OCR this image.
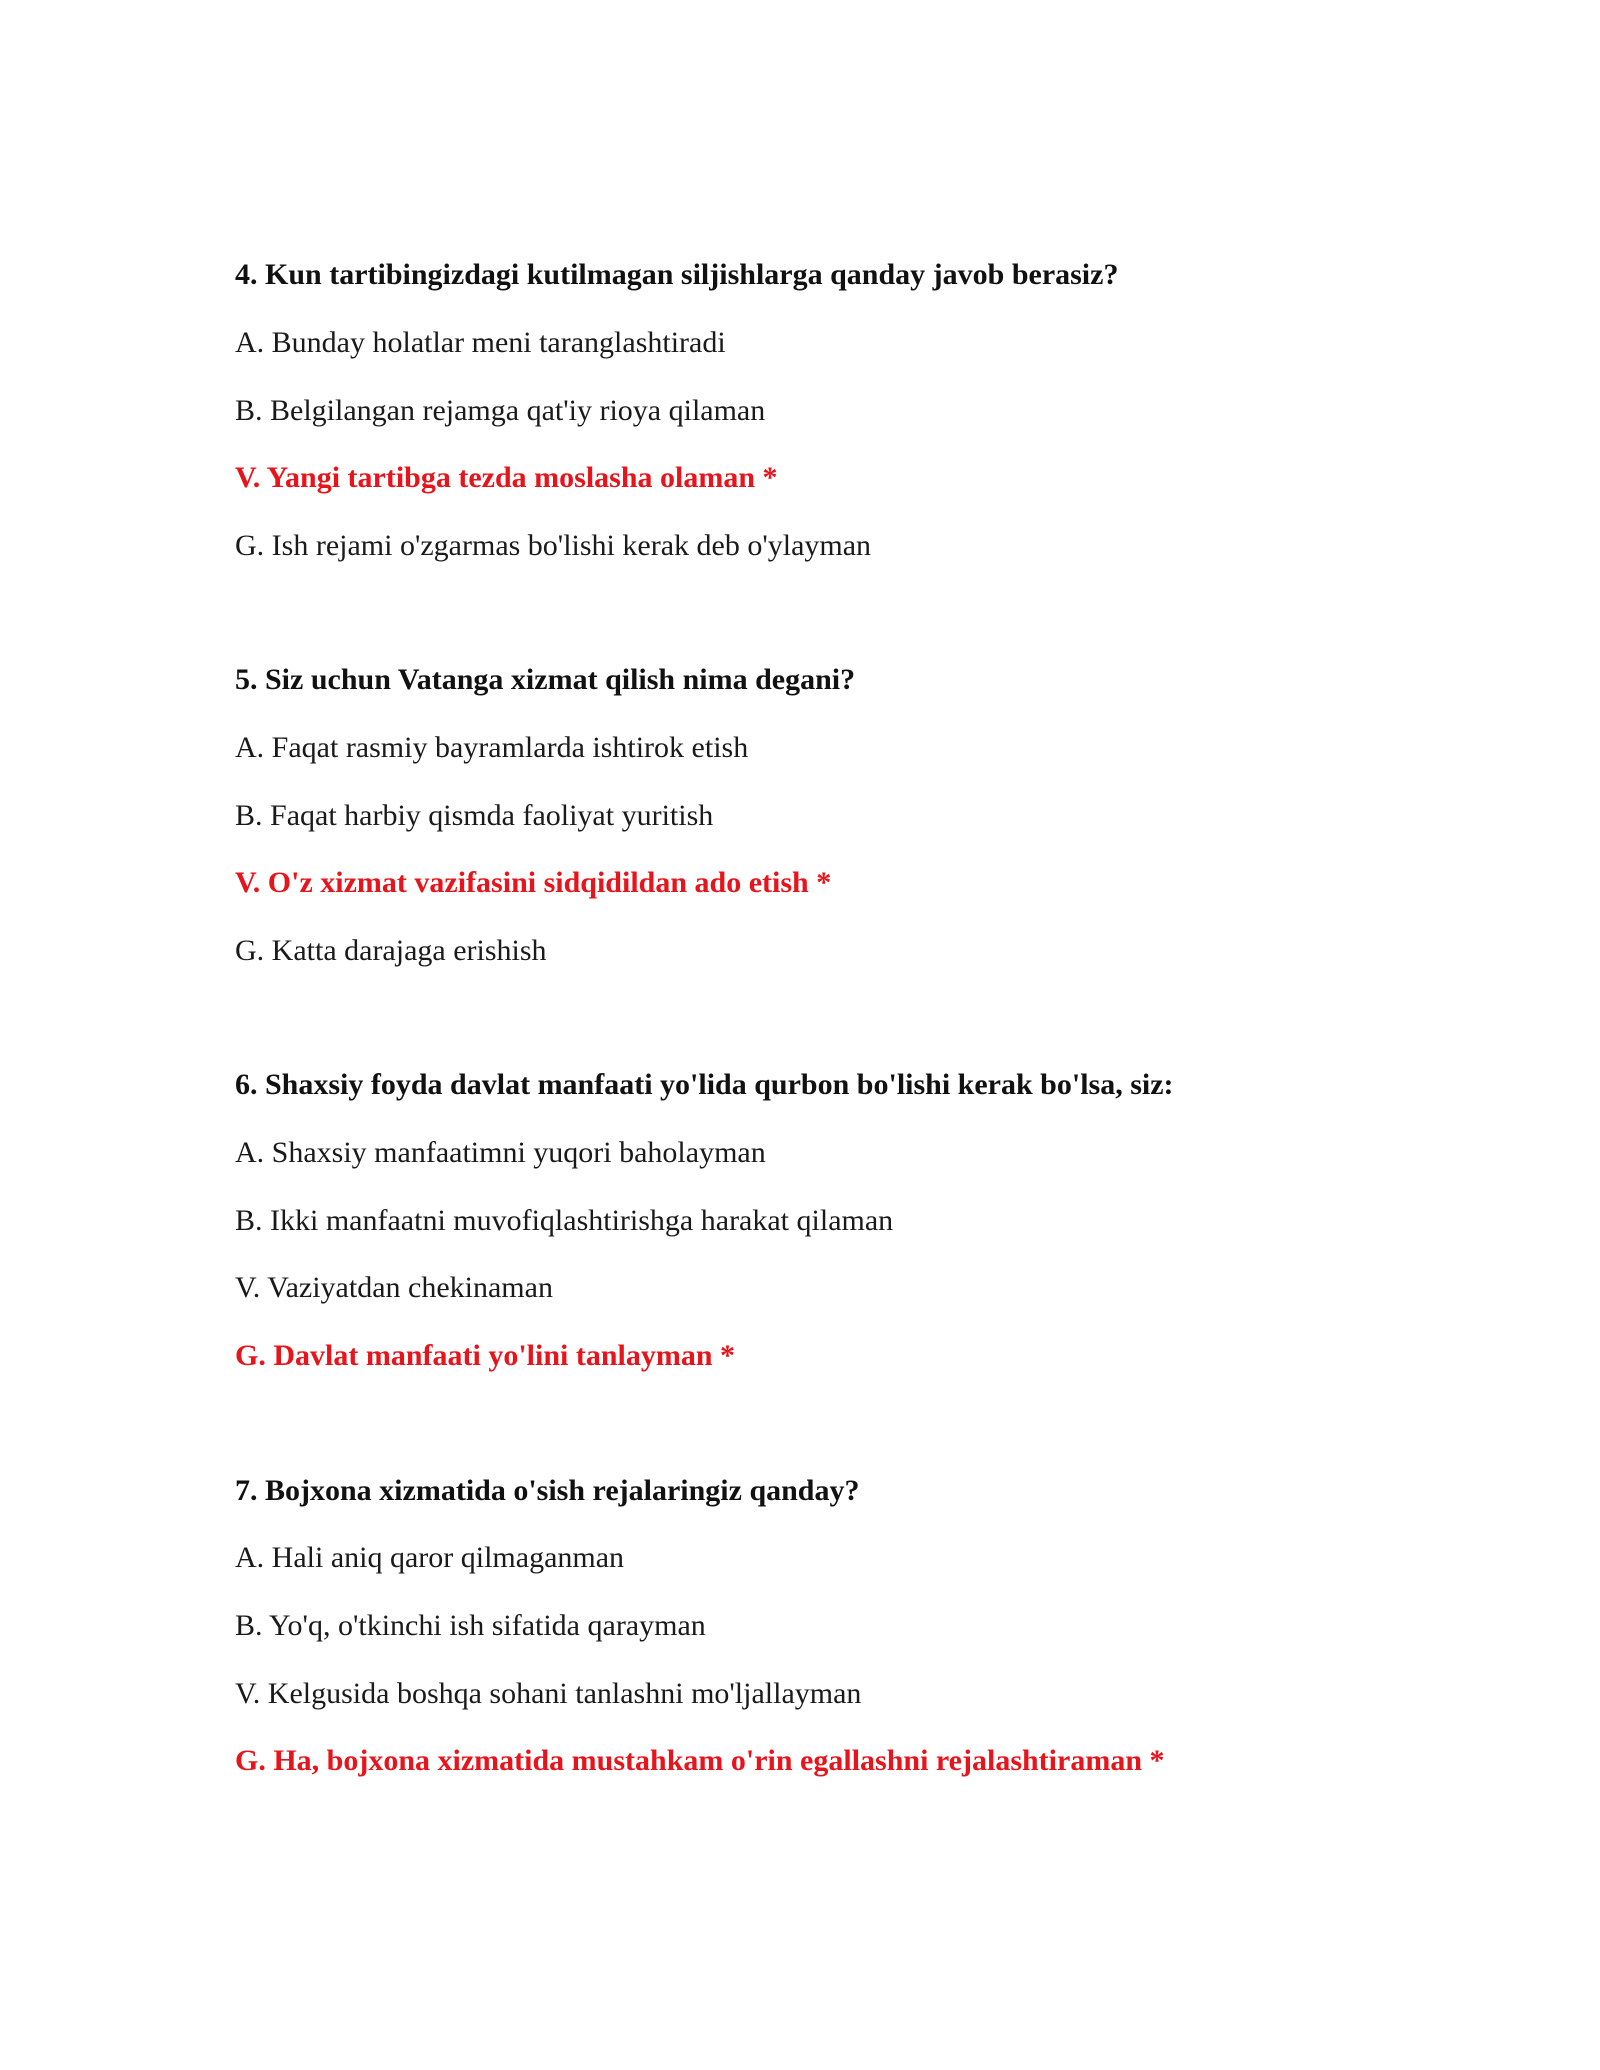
4. Kun tartibingizdagi kutilmagan siljishlarga qanday javob berasiz?
A. Bunday holatlar meni taranglashtiradi
B. Belgilangan rejamga qat'iy rioya qilaman
V. Yangi tartibga tezda moslasha olaman *
G. Ish rejami o'zgarmas bo'lishi kerak deb o'ylayman
5. Siz uchun Vatanga xizmat qilish nima degani?
A. Faqat rasmiy bayramlarda ishtirok etish
B. Faqat harbiy qismda faoliyat yuritish
V. O'z xizmat vazifasini sidqidildan ado etish *
G. Katta darajaga erishish
6. Shaxsiy foyda davlat manfaati yo'lida qurbon bo'lishi kerak bo'lsa, siz:
A. Shaxsiy manfaatimni yuqori baholayman
B. Ikki manfaatni muvofiqlashtirishga harakat qilaman
V. Vaziyatdan chekinaman
G. Davlat manfaati yo'lini tanlayman *
7. Bojxona xizmatida o'sish rejalaringiz qanday?
A. Hali aniq qaror qilmaganman
B. Yo'q, o'tkinchi ish sifatida qarayman
V. Kelgusida boshqa sohani tanlashni mo'ljallayman
G. Ha, bojxona xizmatida mustahkam o'rin egallashni rejalashtiraman *
